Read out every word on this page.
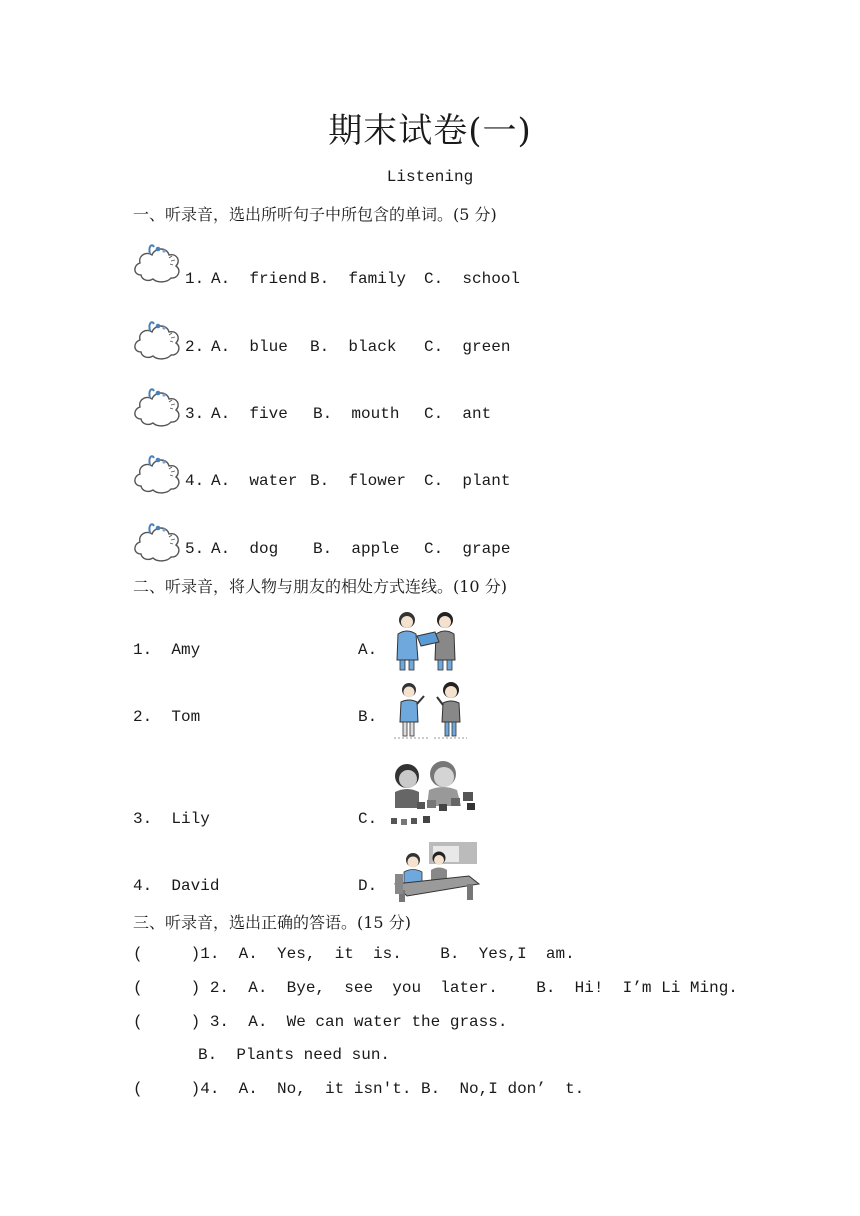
期末试卷(一)
Listening
一、听录音，选出所听句子中所包含的单词。(5 分)
1. A.  friend B.  family C.  school
2. A.  blue B.  black C.  green
3. A.  five B.  mouth C.  ant
4. A.  water B.  flower C.  plant
5. A.  dog B.  apple C.  grape
二、听录音，将人物与朋友的相处方式连线。(10 分)
1.  Amy
2.  Tom
3.  Lily
4.  David
A.
B.
C.
D.
三、听录音，选出正确的答语。(15 分)
(     )1.  A.  Yes,  it  is.    B.  Yes,I  am.
(     ) 2.  A.  Bye,  see  you  later.    B.  Hi!  I’m Li Ming.
(     ) 3.  A.  We can water the grass.
B.  Plants need sun.
(     )4.  A.  No,  it isn't. B.  No,I don’  t.
